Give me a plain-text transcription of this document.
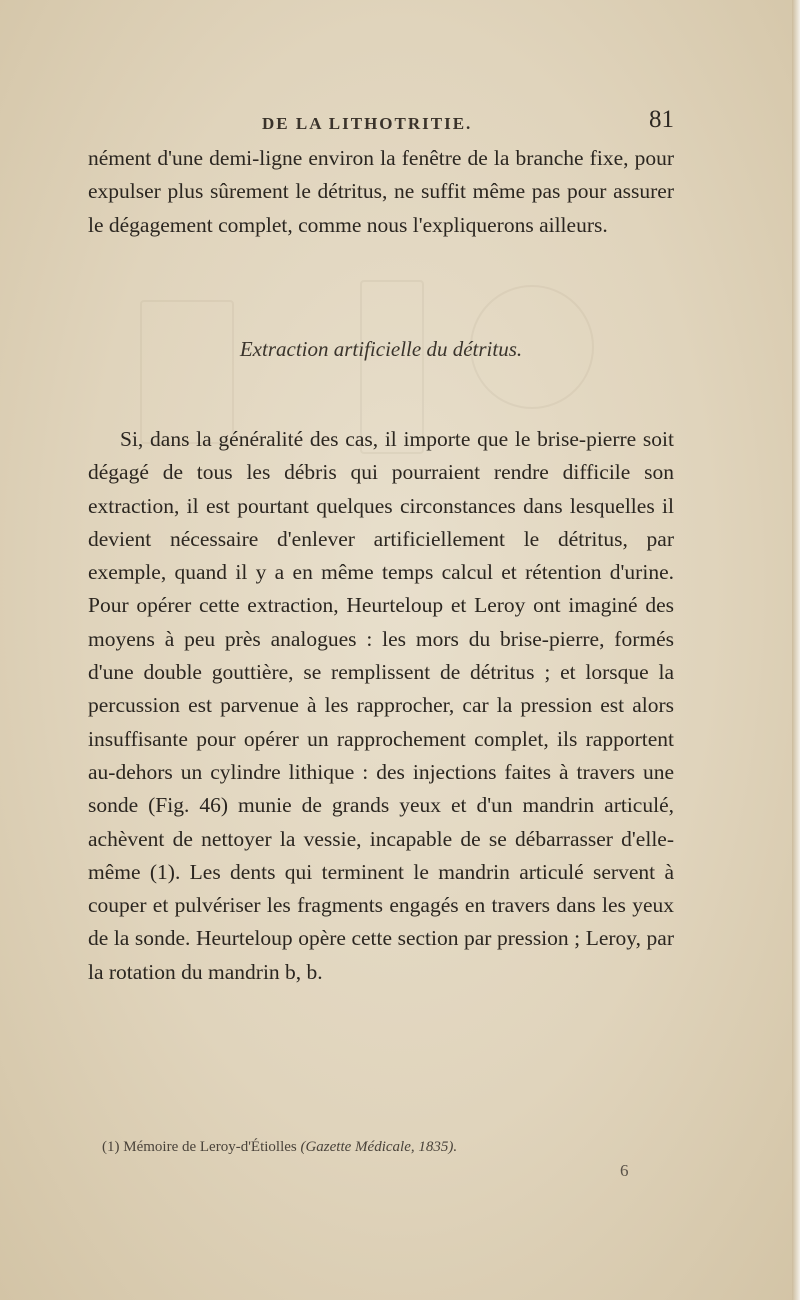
DE LA LITHOTRITIE.	81
nément d'une demi-ligne environ la fenêtre de la branche fixe, pour expulser plus sûrement le détritus, ne suffit même pas pour assurer le dégagement complet, comme nous l'expliquerons ailleurs.
Extraction artificielle du détritus.
Si, dans la généralité des cas, il importe que le brise-pierre soit dégagé de tous les débris qui pourraient rendre difficile son extraction, il est pourtant quelques circonstances dans lesquelles il devient nécessaire d'enlever artificiellement le détritus, par exemple, quand il y a en même temps calcul et rétention d'urine. Pour opérer cette extraction, Heurteloup et Leroy ont imaginé des moyens à peu près analogues : les mors du brise-pierre, formés d'une double gouttière, se remplissent de détritus ; et lorsque la percussion est parvenue à les rapprocher, car la pression est alors insuffisante pour opérer un rapprochement complet, ils rapportent au-dehors un cylindre lithique : des injections faites à travers une sonde (Fig. 46) munie de grands yeux et d'un mandrin articulé, achèvent de nettoyer la vessie, incapable de se débarrasser d'elle-même (1). Les dents qui terminent le mandrin articulé servent à couper et pulvériser les fragments engagés en travers dans les yeux de la sonde. Heurteloup opère cette section par pression ; Leroy, par la rotation du mandrin b, b.
(1) Mémoire de Leroy-d'Étiolles (Gazette Médicale, 1835).
6
